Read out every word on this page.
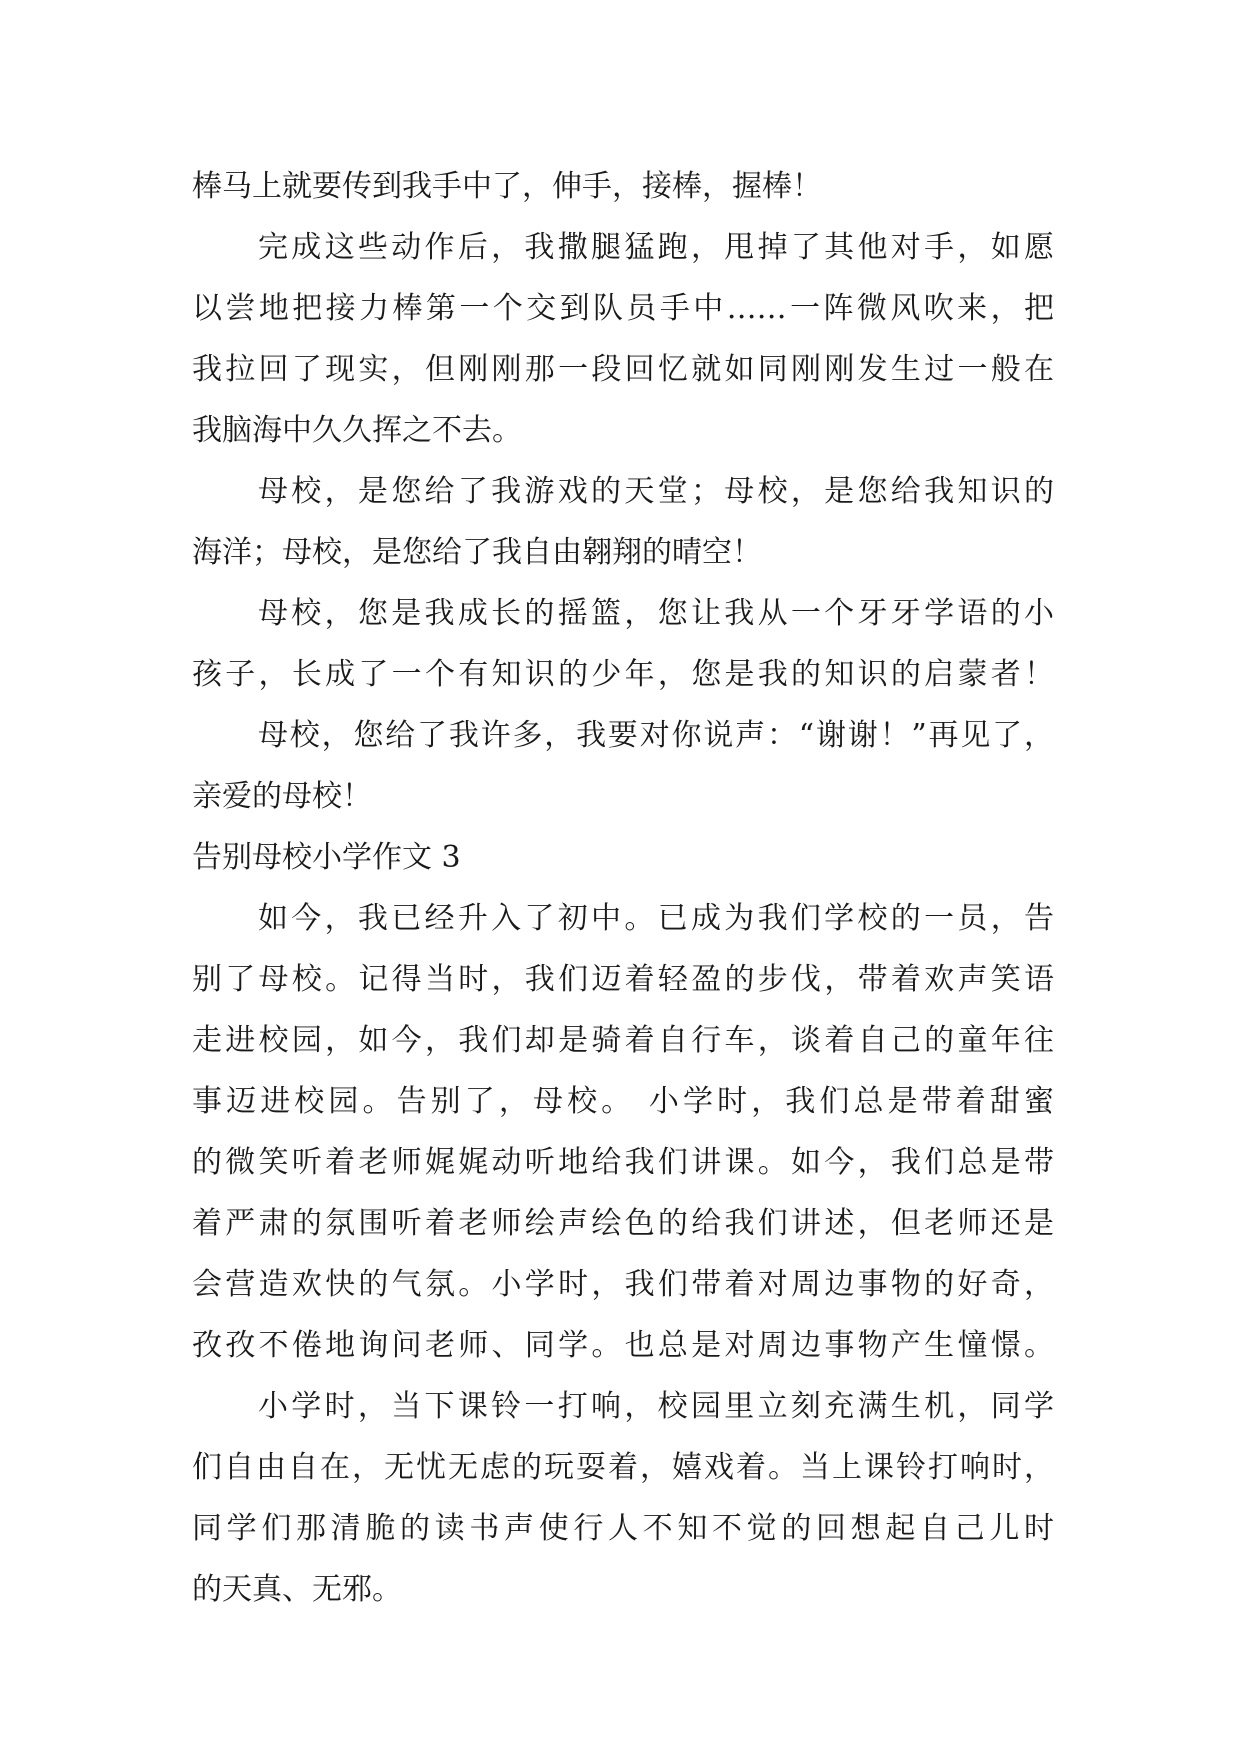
棒马上就要传到我手中了，伸手，接棒，握棒！
完成这些动作后，我撒腿猛跑，甩掉了其他对手，如愿
以尝地把接力棒第一个交到队员手中……一阵微风吹来，把
我拉回了现实，但刚刚那一段回忆就如同刚刚发生过一般在
我脑海中久久挥之不去。
母校，是您给了我游戏的天堂；母校，是您给我知识的
海洋；母校，是您给了我自由翱翔的晴空！
母校，您是我成长的摇篮，您让我从一个牙牙学语的小
孩子，长成了一个有知识的少年，您是我的知识的启蒙者！
母校，您给了我许多，我要对你说声：“谢谢！”再见了，
亲爱的母校！
告别母校小学作文 3
如今，我已经升入了初中。已成为我们学校的一员，告
别了母校。记得当时，我们迈着轻盈的步伐，带着欢声笑语
走进校园，如今，我们却是骑着自行车，谈着自己的童年往
事迈进校园。告别了，母校。 小学时，我们总是带着甜蜜
的微笑听着老师娓娓动听地给我们讲课。如今，我们总是带
着严肃的氛围听着老师绘声绘色的给我们讲述，但老师还是
会营造欢快的气氛。小学时，我们带着对周边事物的好奇，
孜孜不倦地询问老师、同学。也总是对周边事物产生憧憬。
小学时，当下课铃一打响，校园里立刻充满生机，同学
们自由自在，无忧无虑的玩耍着，嬉戏着。当上课铃打响时，
同学们那清脆的读书声使行人不知不觉的回想起自己儿时
的天真、无邪。
